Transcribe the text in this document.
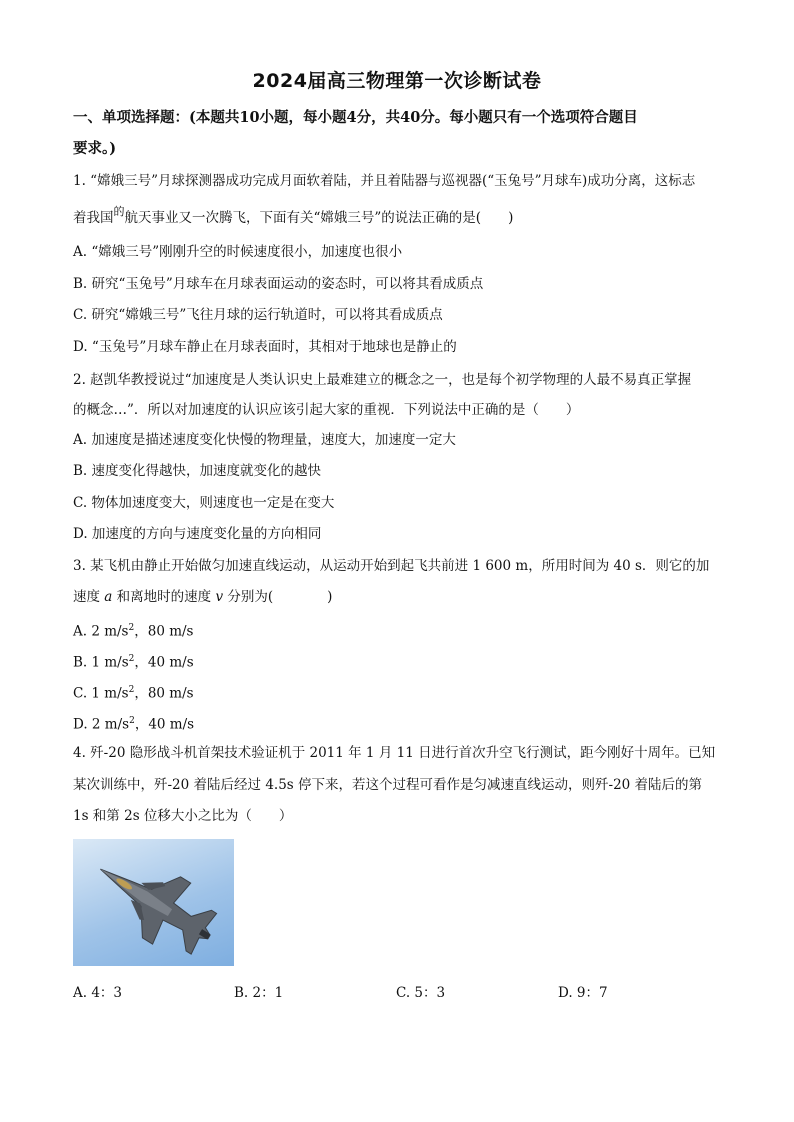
2024届高三物理第一次诊断试卷
一、单项选择题：(本题共10小题，每小题4分，共40分。每小题只有一个选项符合题目
要求。)
1. “嫦娥三号”月球探测器成功完成月面软着陆，并且着陆器与巡视器(“玉兔号”月球车)成功分离，这标志
着我国$^的$航天事业又一次腾飞，下面有关“嫦娥三号”的说法正确的是(　　)
A. “嫦娥三号”刚刚升空的时候速度很小，加速度也很小
B. 研究“玉兔号”月球车在月球表面运动的姿态时，可以将其看成质点
C. 研究“嫦娥三号”飞往月球的运行轨道时，可以将其看成质点
D. “玉兔号”月球车静止在月球表面时，其相对于地球也是静止的
2. 赵凯华教授说过“加速度是人类认识史上最难建立的概念之一，也是每个初学物理的人最不易真正掌握
的概念…”．所以对加速度的认识应该引起大家的重视．下列说法中正确的是（　　）
A. 加速度是描述速度变化快慢的物理量，速度大，加速度一定大
B. 速度变化得越快，加速度就变化的越快
C. 物体加速度变大，则速度也一定是在变大
D. 加速度的方向与速度变化量的方向相同
3. 某飞机由静止开始做匀加速直线运动，从运动开始到起飞共前进 1 600 m，所用时间为 40 s．则它的加
速度 a 和离地时的速度 v 分别为(　　　　)
A. 2 $m/s^2$，80 m/s
B. 1 $m/s^2$，40 m/s
C. 1 $m/s^2$，80 m/s
D. 2 $m/s^2$，40 m/s
4. 歼-20 隐形战斗机首架技术验证机于 2011 年 1 月 11 日进行首次升空飞行测试，距今刚好十周年。已知
某次训练中，歼-20 着陆后经过 4.5s 停下来，若这个过程可看作是匀减速直线运动，则歼-20 着陆后的第
1s 和第 2s 位移大小之比为（　　）
A. 4：3	B. 2：1	C. 5：3	D. 9：7
